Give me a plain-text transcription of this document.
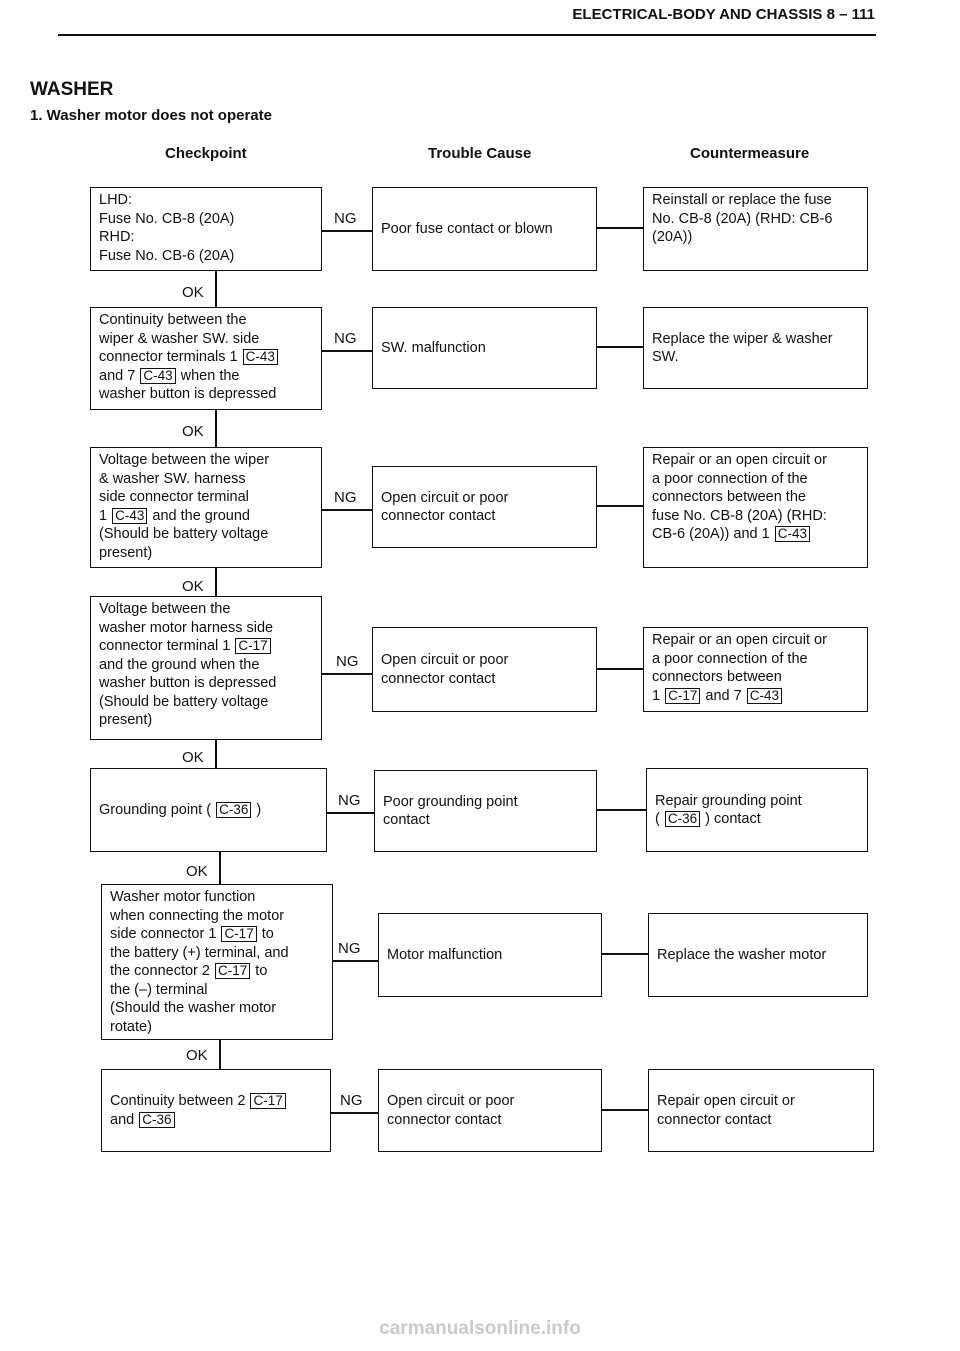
ELECTRICAL-BODY AND CHASSIS 8 – 111
WASHER
1. Washer motor does not operate
Checkpoint	Trouble Cause	Countermeasure
LHD:
Fuse No. CB-8 (20A)
RHD:
Fuse No. CB-6 (20A)
Poor fuse contact or blown
Reinstall or replace the fuse
No. CB-8 (20A) (RHD: CB-6
(20A))
NG
OK
Continuity between the
wiper & washer SW. side
connector terminals 1 C-43
and 7 C-43 when the
washer button is depressed
SW. malfunction
Replace the wiper & washer
SW.
NG
OK
Voltage between the wiper
& washer SW. harness
side connector terminal
1 C-43 and the ground
(Should be battery voltage
present)
Open circuit or poor
connector contact
Repair or an open circuit or
a poor connection of the
connectors between the
fuse No. CB-8 (20A) (RHD:
CB-6 (20A)) and 1 C-43
NG
OK
Voltage between the
washer motor harness side
connector terminal 1 C-17
and the ground when the
washer button is depressed
(Should be battery voltage
present)
Open circuit or poor
connector contact
Repair or an open circuit or
a poor connection of the
connectors between
1 C-17 and 7 C-43
NG
OK
Grounding point ( C-36 )
Poor grounding point
contact
Repair grounding point
( C-36 ) contact
NG
OK
Washer motor function
when connecting the motor
side connector 1 C-17 to
the battery (+) terminal, and
the connector 2 C-17 to
the (–) terminal
(Should the washer motor
rotate)
Motor malfunction	Replace the washer motor
NG
OK
Continuity between 2 C-17
and C-36
Open circuit or poor
connector contact
Repair open circuit or
connector contact
NG
carmanualsonline.info
